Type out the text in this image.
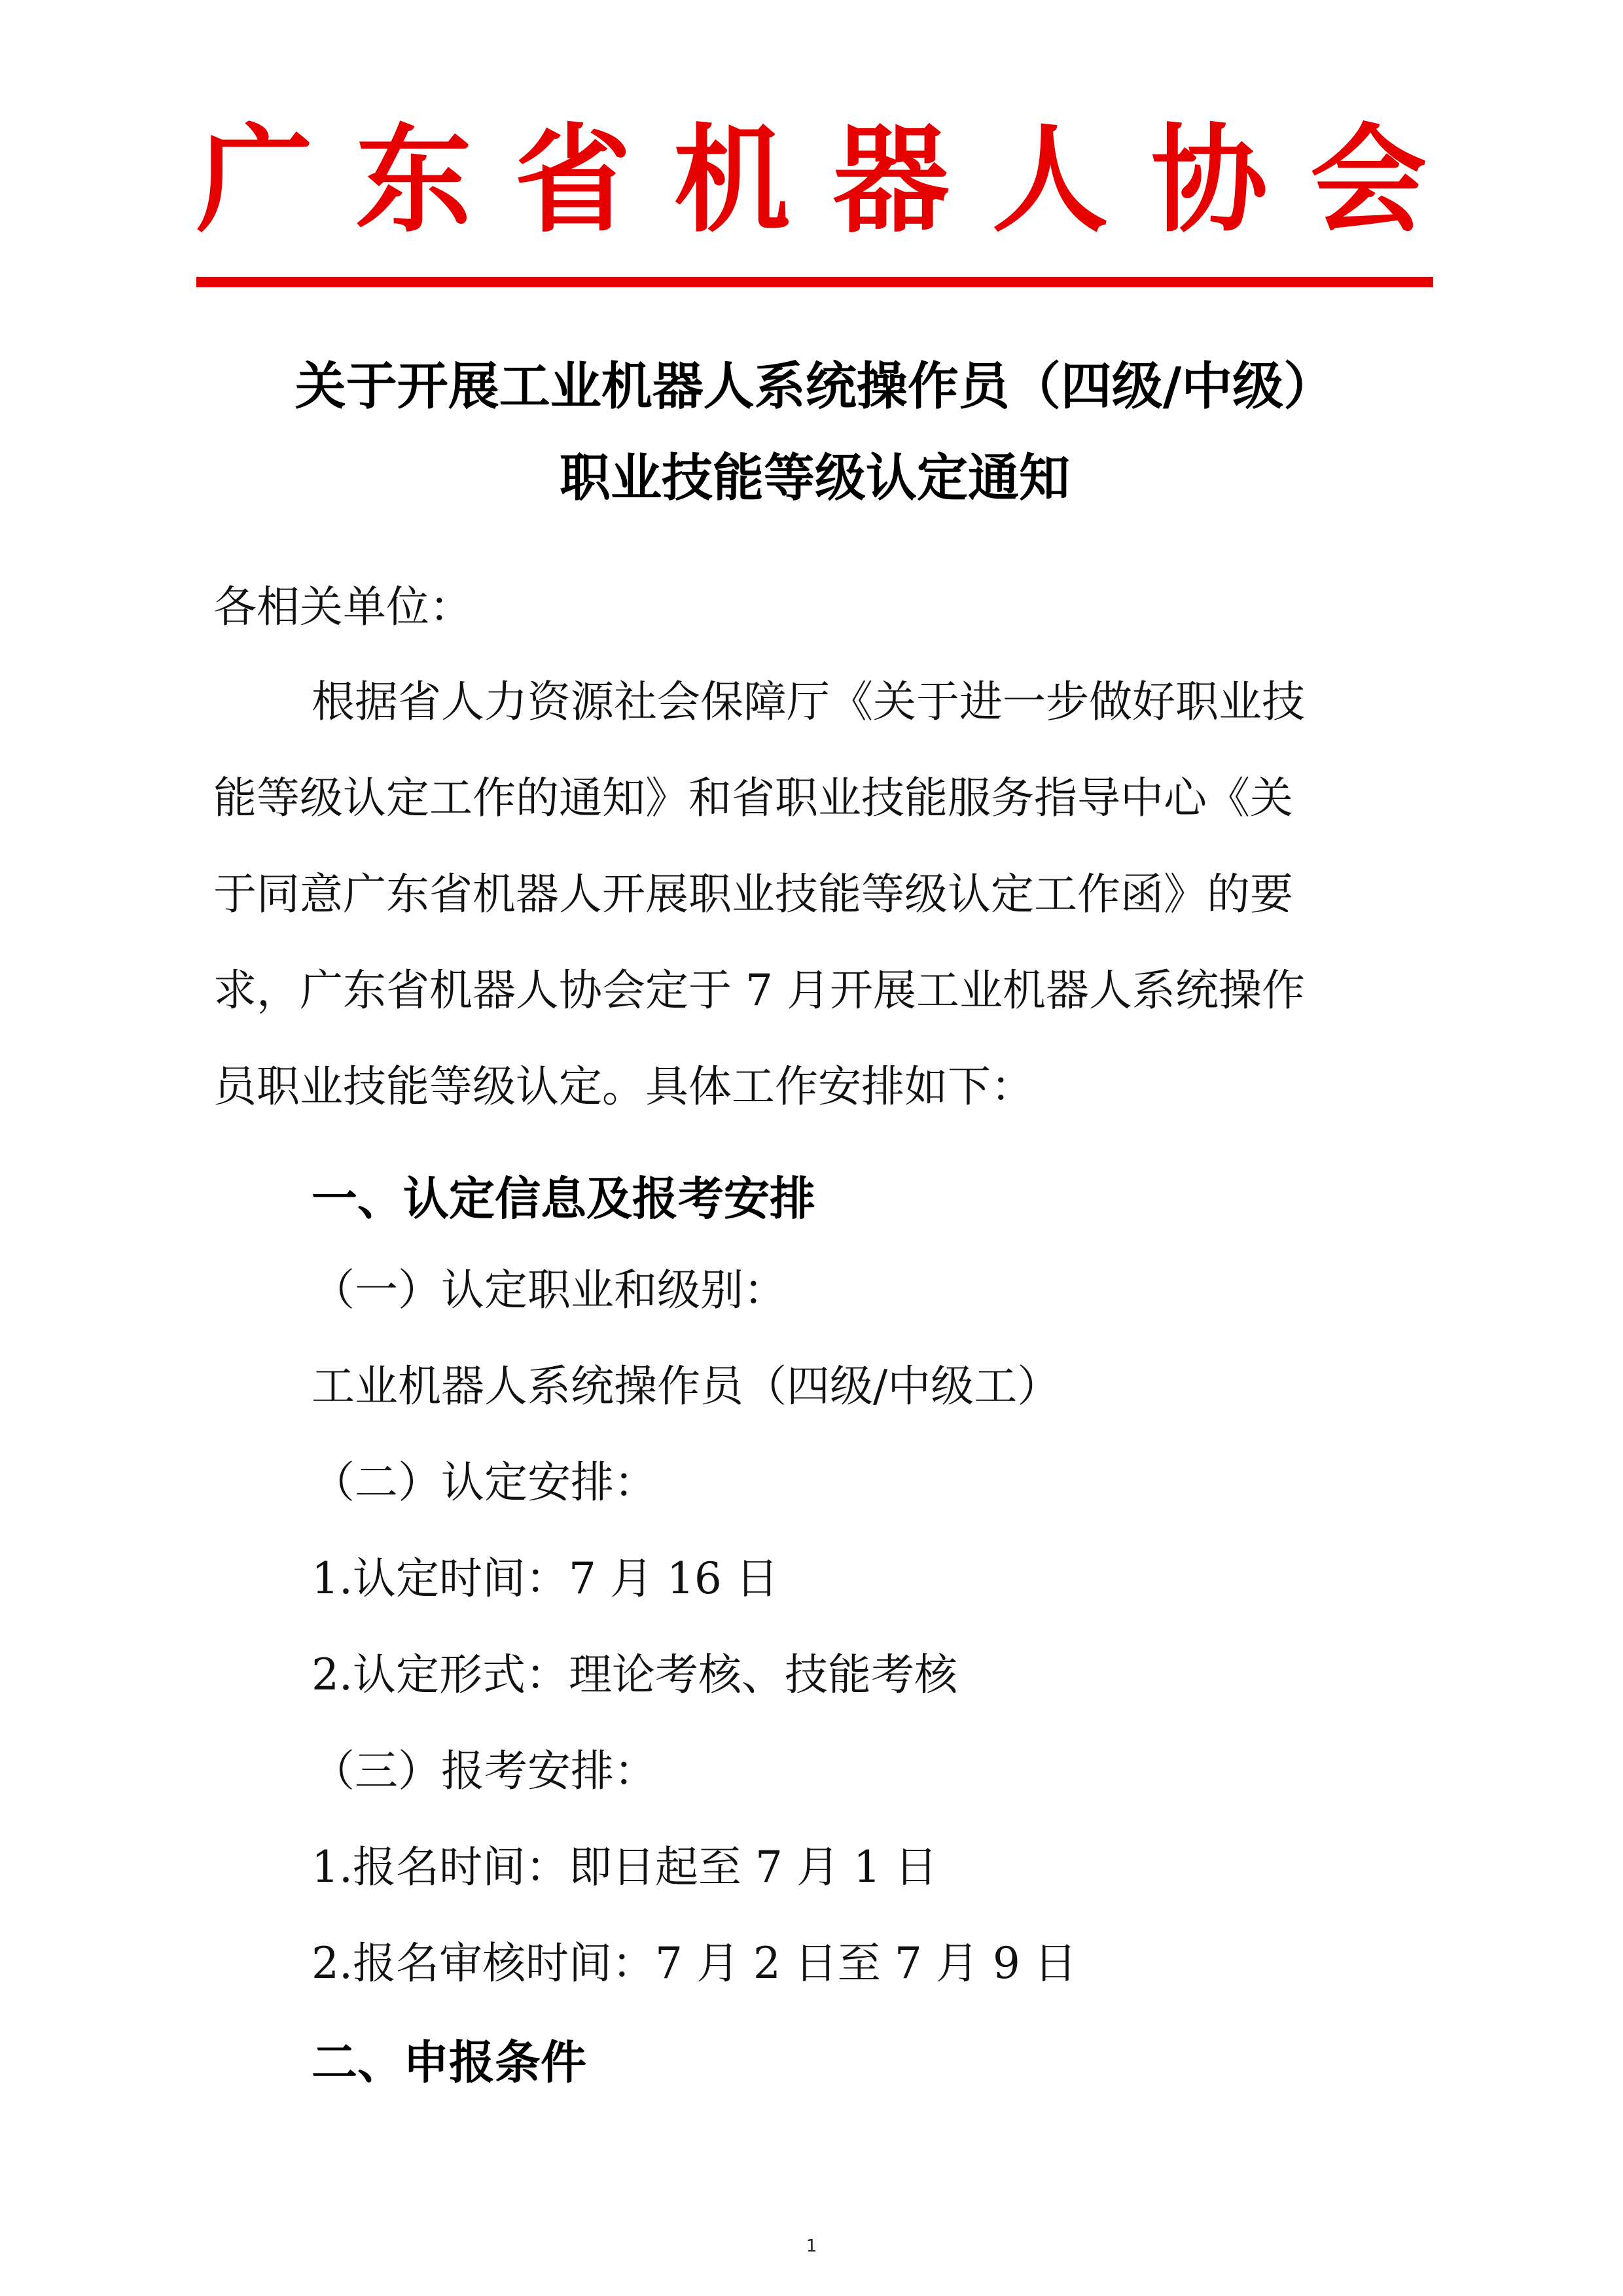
广 东 省 机 器 人 协 会
关于开展工业机器人系统操作员（四级/中级）
职业技能等级认定通知
各相关单位：
根据省人力资源社会保障厅《关于进一步做好职业技
能等级认定工作的通知》和省职业技能服务指导中心《关
于同意广东省机器人开展职业技能等级认定工作函》的要
求，广东省机器人协会定于 7 月开展工业机器人系统操作
员职业技能等级认定。具体工作安排如下：
一、认定信息及报考安排
（一）认定职业和级别：
工业机器人系统操作员（四级/中级工）
（二）认定安排：
1.认定时间：7 月 16 日
2.认定形式：理论考核、技能考核
（三）报考安排：
1.报名时间：即日起至 7 月 1 日
2.报名审核时间：7 月 2 日至 7 月 9 日
二、申报条件
1
